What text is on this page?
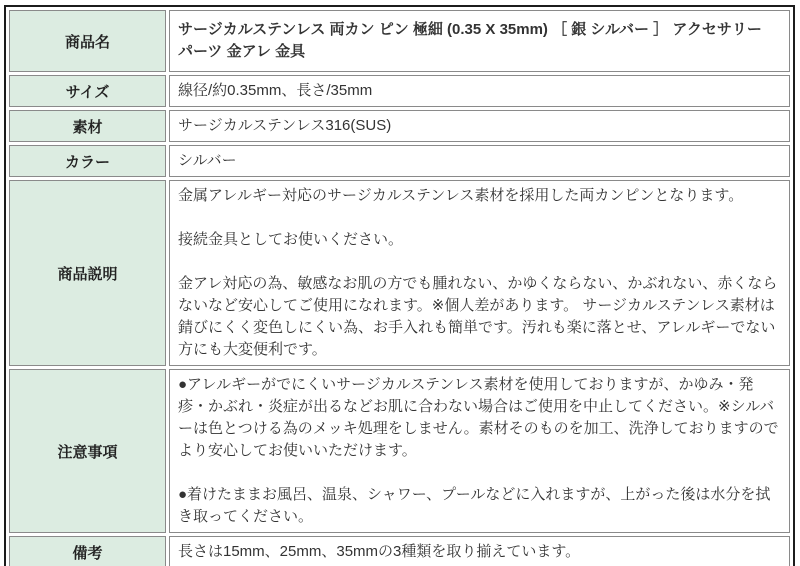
商品名	サージカルステンレス 両カン ピン 極細 (0.35 X 35mm) ［ 銀 シルバー ］ アクセサリー パーツ 金アレ 金具
サイズ	線径/約0.35mm、長さ/35mm
素材	サージカルステンレス316(SUS)
カラー	シルバー
商品説明	金属アレルギー対応のサージカルステンレス素材を採用した両カンピンとなります。

接続金具としてお使いください。

金アレ対応の為、敏感なお肌の方でも腫れない、かゆくならない、かぶれない、赤くならないなど安心してご使用になれます。※個人差があります。 サージカルステンレス素材は錆びにくく変色しにくい為、お手入れも簡単です。汚れも楽に落とせ、アレルギーでない方にも大変便利です。

注意事項	●アレルギーがでにくいサージカルステンレス素材を使用しておりますが、かゆみ・発疹・かぶれ・炎症が出るなどお肌に合わない場合はご使用を中止してください。※シルバーは色とつける為のメッキ処理をしません。素材そのものを加工、洗浄しておりますのでより安心してお使いいただけます。

●着けたままお風呂、温泉、シャワー、プールなどに入れますが、上がった後は水分を拭き取ってください。

備考	長さは15mm、25mm、35mmの3種類を取り揃えています。
